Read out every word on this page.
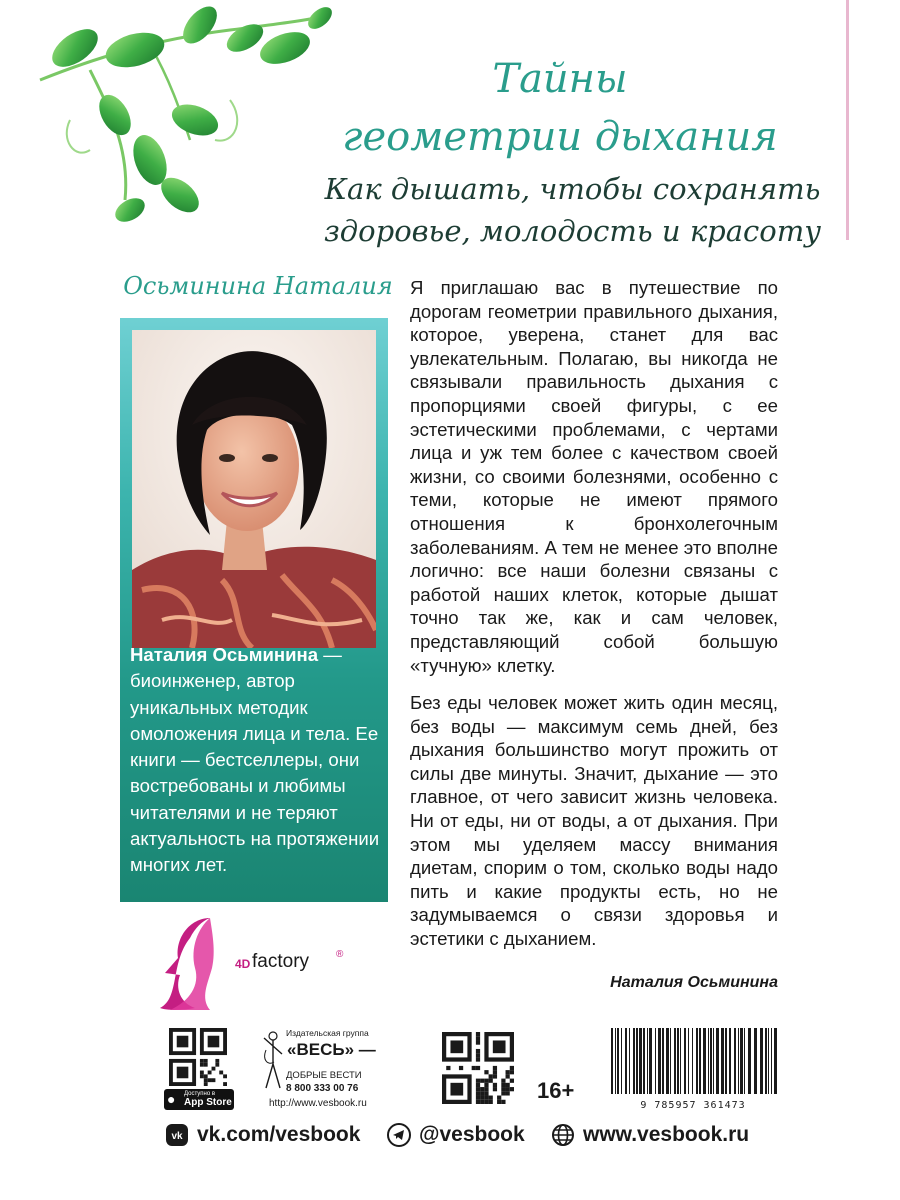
Тайны
геометрии дыхания
Как дышать, чтобы сохранять
здоровье, молодость и красоту
Осьминина Наталия
Наталия Осьминина — биоинженер, автор уникальных методик омоложения лица и тела. Ее книги — бестселлеры, они востребованы и любимы читателями и не теряют актуальность на протяжении многих лет.

Я приглашаю вас в путешествие по дорогам геометрии правильного дыхания, которое, уверена, станет для вас увлекательным. Полагаю, вы никогда не связывали правильность дыхания с пропорциями своей фигуры, с ее эстетическими проблемами, с чертами лица и уж тем более с качеством своей жизни, со своими болезнями, особенно с теми, которые не имеют прямого отношения к бронхолегочным заболеваниям. А тем не менее это вполне логично: все наши болезни связаны с работой наших клеток, которые дышат точно так же, как и сам человек, представляющий собой большую «тучную» клетку.

Без еды человек может жить один месяц, без воды — максимум семь дней, без дыхания большинство могут прожить от силы две минуты. Значит, дыхание — это главное, от чего зависит жизнь человека. Ни от еды, ни от воды, а от дыхания. При этом мы уделяем массу внимания диетам, спорим о том, сколько воды надо пить и какие продукты есть, но не задумываемся о связи здоровья и эстетики с дыханием.

Наталия Осьминина
4D factory	®
● Доступно в
App Store
Издательская группа
«ВЕСЬ» —
ДОБРЫЕ ВЕСТИ
8 800 333 00 76
http://www.vesbook.ru
16+
9 785957 361473
vk vk.com/vesbook	@vesbook	www.vesbook.ru
